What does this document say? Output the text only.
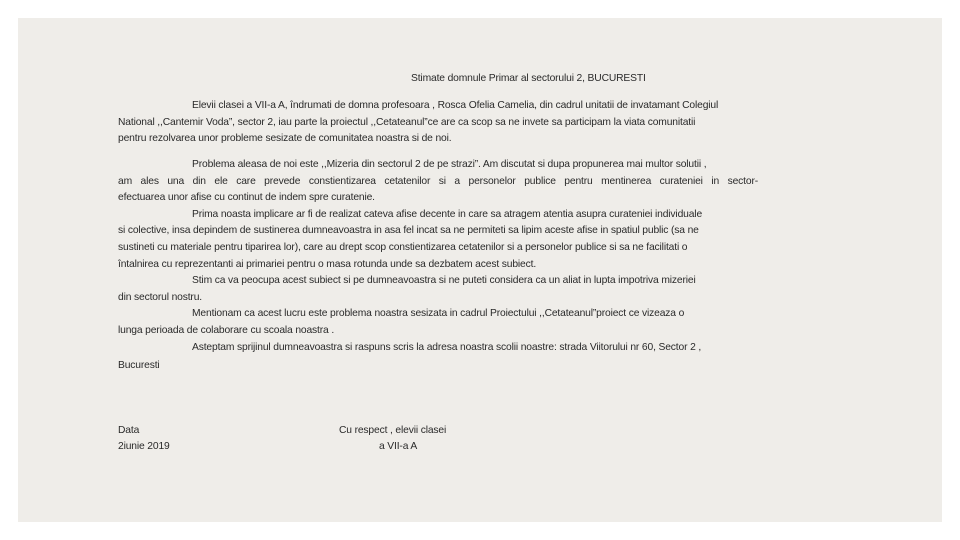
Stimate domnule Primar al sectorului 2, BUCURESTI
Elevii clasei a VII-a A, îndrumati de domna profesoara , Rosca Ofelia Camelia, din cadrul unitatii de invatamant Colegiul
National ,,Cantemir Voda”, sector 2, iau parte la proiectul ,,Cetateanul”ce are ca scop sa ne invete sa participam la viata comunitatii
pentru rezolvarea unor probleme sesizate de comunitatea noastra si de noi.
Problema aleasa de noi este ,,Mizeria din sectorul 2 de pe strazi”. Am discutat si dupa propunerea mai multor solutii ,
am ales una din ele care prevede constientizarea cetatenilor si a personelor publice pentru mentinerea curateniei in sector-
efectuarea unor afise cu continut de indem spre curatenie.
Prima noasta implicare ar fi de realizat cateva afise decente in care sa atragem atentia asupra curateniei individuale
si colective, insa depindem de sustinerea dumneavoastra in asa fel incat sa ne permiteti sa lipim aceste afise in spatiul public (sa ne
sustineti cu materiale pentru tiparirea lor), care au drept scop constientizarea cetatenilor si a personelor publice si sa ne facilitati o
întalnirea cu reprezentanti ai primariei pentru o masa rotunda unde sa dezbatem acest subiect.
Stim ca va peocupa acest subiect si pe dumneavoastra si ne puteti considera ca un aliat in lupta impotriva mizeriei
din sectorul nostru.
Mentionam ca acest lucru este problema noastra sesizata in cadrul Proiectului ,,Cetateanul”proiect ce vizeaza o
lunga perioada de colaborare cu scoala noastra .
Asteptam sprijinul dumneavoastra si raspuns scris la adresa noastra scolii noastre: strada Viitorului nr 60, Sector 2 ,
Bucuresti
Data
2iunie 2019
Cu respect , elevii clasei
a VII-a A
